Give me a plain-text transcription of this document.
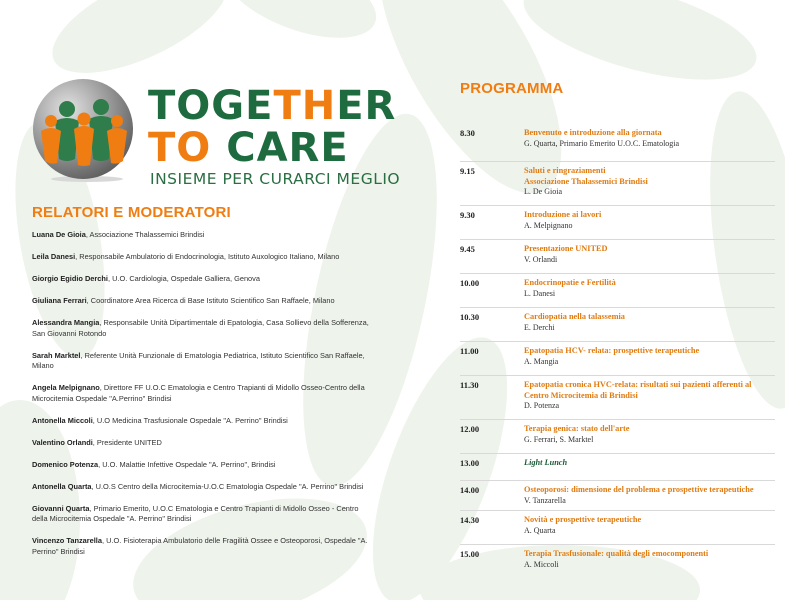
TOGETHER
TO CARE
INSIEME PER CURARCI MEGLIO
RELATORI E MODERATORI
Luana De Gioia, Associazione Thalassemici Brindisi
Leila Danesi, Responsabile Ambulatorio di Endocrinologia, Istituto Auxologico Italiano, Milano
Giorgio Egidio Derchi, U.O. Cardiologia, Ospedale Galliera, Genova
Giuliana Ferrari, Coordinatore Area Ricerca di Base Istituto Scientifico San Raffaele, Milano
Alessandra Mangia, Responsabile Unità Dipartimentale di Epatologia, Casa Sollievo della Sofferenza, San Giovanni Rotondo
Sarah Marktel, Referente Unità Funzionale di Ematologia Pediatrica, Istituto Scientifico San Raffaele, Milano
Angela Melpignano, Direttore FF U.O.C Ematologia e Centro Trapianti di Midollo Osseo-Centro della Microcitemia Ospedale "A.Perrino" Brindisi
Antonella Miccoli, U.O Medicina Trasfusionale Ospedale "A. Perrino" Brindisi
Valentino Orlandi, Presidente UNITED
Domenico Potenza, U.O. Malattie Infettive Ospedale "A. Perrino", Brindisi
Antonella Quarta, U.O.S Centro della Microcitemia-U.O.C Ematologia Ospedale "A. Perrino" Brindisi
Giovanni Quarta, Primario Emerito, U.O.C Ematologia e Centro Trapianti di Midollo Osseo - Centro della Microcitemia Ospedale "A. Perrino" Brindisi
Vincenzo Tanzarella, U.O. Fisioterapia Ambulatorio delle Fragilità Ossee e Osteoporosi, Ospedale "A. Perrino" Brindisi
PROGRAMMA
8.30	Benvenuto e introduzione alla giornata
G. Quarta, Primario Emerito U.O.C. Ematologia
9.15	Saluti e ringraziamenti
Associazione Thalassemici Brindisi
L. De Gioia
9.30	Introduzione ai lavori
A. Melpignano
9.45	Presentazione UNITED
V. Orlandi
10.00	Endocrinopatie e Fertilità
L. Danesi
10.30	Cardiopatia nella talassemia
E. Derchi
11.00	Epatopatia HCV- relata: prospettive terapeutiche
A. Mangia
11.30	Epatopatia cronica HVC-relata: risultati sui pazienti afferenti al
Centro Microcitemia di Brindisi
D. Potenza
12.00	Terapia genica: stato dell'arte
G. Ferrari, S. Marktel
13.00	Light Lunch
14.00	Osteoporosi: dimensione del problema e prospettive terapeutiche
V. Tanzarella
14.30	Novità e prospettive terapeutiche
A. Quarta
15.00	Terapia Trasfusionale: qualità degli emocomponenti
A. Miccoli
